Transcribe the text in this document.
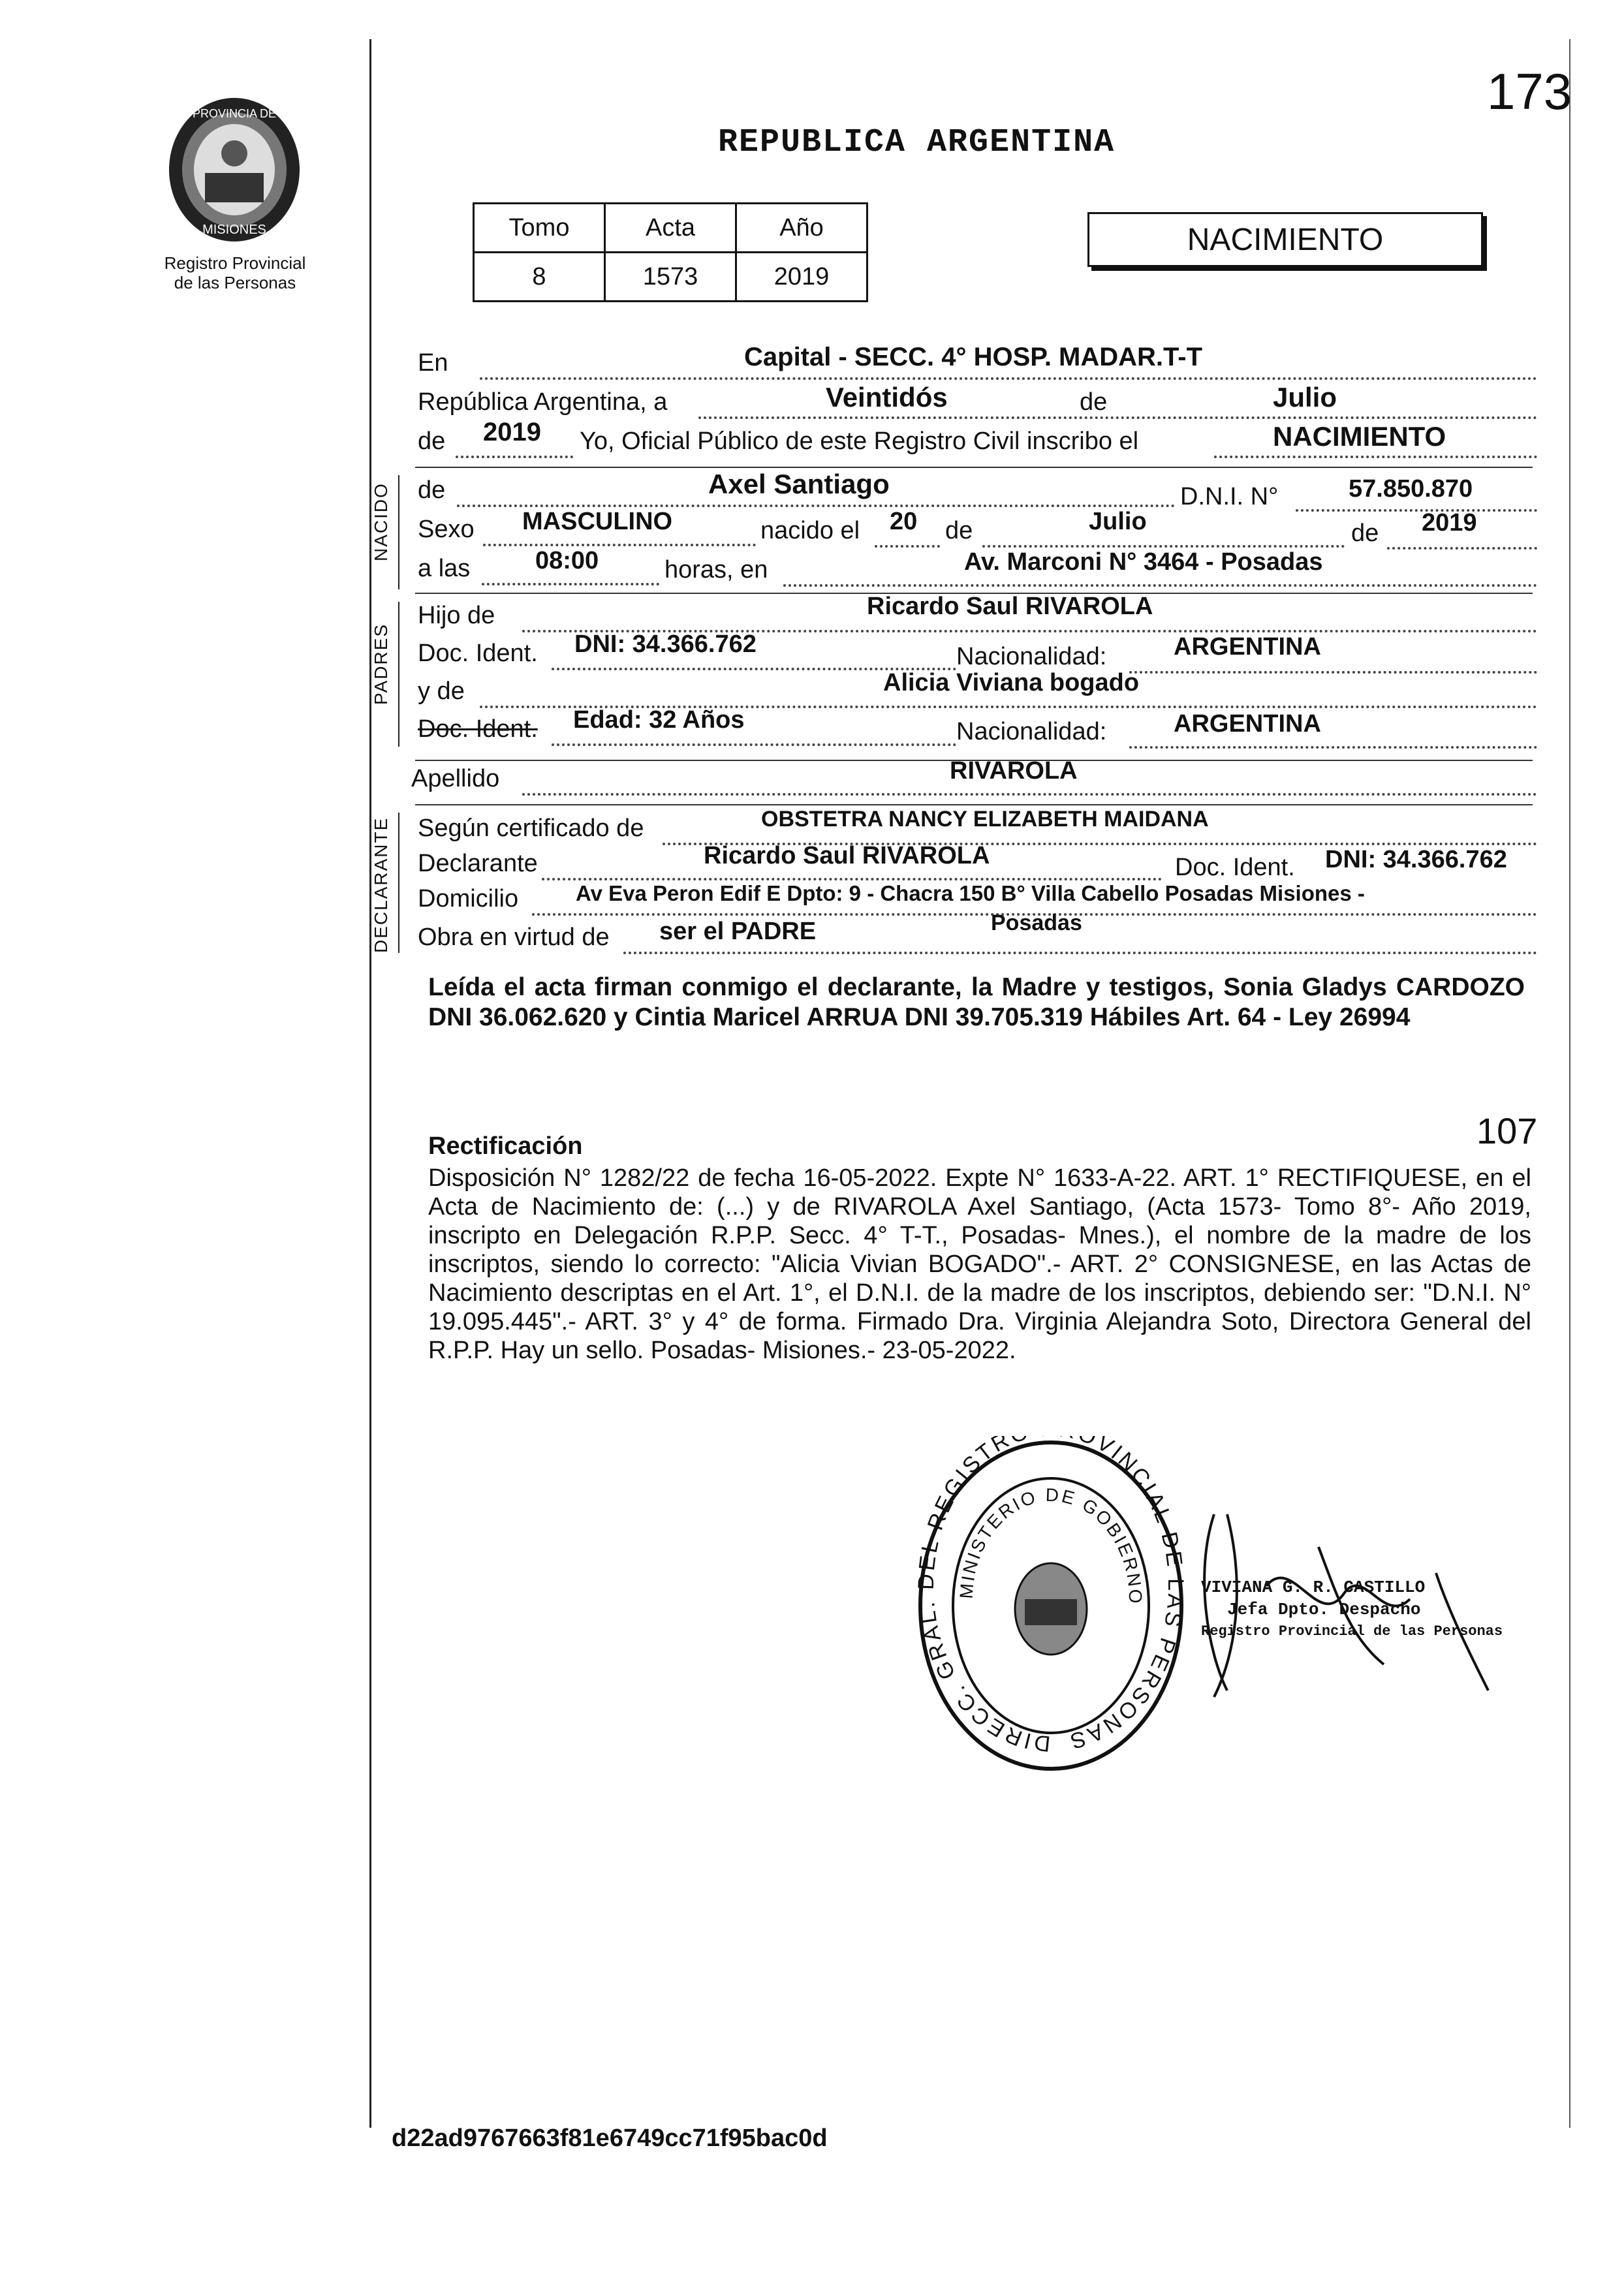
173
PROVINCIA DE
MISIONES
Registro Provincial
de las Personas
REPUBLICA ARGENTINA
Tomo	Acta	Año
8	1573	2019
NACIMIENTO
NACIDO
PADRES
DECLARANTE
En	Capital - SECC. 4° HOSP. MADAR.T-T
República Argentina, a	Veintidós	de	Julio
de 2019 Yo, Oficial Público de este Registro Civil inscribo el	NACIMIENTO
de	Axel Santiago	D.N.I. N°	57.850.870
Sexo MASCULINO	nacido el 20 de	Julio	de 2019
a las	08:00	horas, en	Av. Marconi N° 3464 - Posadas
Hijo de	Ricardo Saul RIVAROLA
Doc. Ident. DNI: 34.366.762	Nacionalidad:	ARGENTINA
y de	Alicia Viviana bogado
Doc. Ident. Edad: 32 Años	Nacionalidad:	ARGENTINA
Apellido	RIVAROLA
Según certificado de	OBSTETRA NANCY ELIZABETH MAIDANA
Declarante	Ricardo Saul RIVAROLA	Doc. Ident. DNI: 34.366.762
Domicilio	Av Eva Peron Edif E Dpto: 9 - Chacra 150 B° Villa Cabello Posadas Misiones -
Obra en virtud de ser el PADRE	Posadas
Leída el acta firman conmigo el declarante, la Madre y testigos, Sonia Gladys CARDOZO DNI 36.062.620 y Cintia Maricel ARRUA DNI 39.705.319 Hábiles Art. 64 - Ley 26994
Rectificación	107
Disposición N° 1282/22 de fecha 16-05-2022. Expte N° 1633-A-22. ART. 1° RECTIFIQUESE, en el Acta de Nacimiento de: (...) y de RIVAROLA Axel Santiago, (Acta 1573- Tomo 8°- Año 2019, inscripto en Delegación R.P.P. Secc. 4° T-T., Posadas- Mnes.), el nombre de la madre de los inscriptos, siendo lo correcto: "Alicia Vivian BOGADO".- ART. 2° CONSIGNESE, en las Actas de Nacimiento descriptas en el Art. 1°, el D.N.I. de la madre de los inscriptos, debiendo ser: "D.N.I. N° 19.095.445".- ART. 3° y 4° de forma. Firmado Dra. Virginia Alejandra Soto, Directora General del R.P.P. Hay un sello. Posadas- Misiones.- 23-05-2022.
DIRECC. GRAL. DEL REGISTR OVINCIAL DE LAS PERSONAS
MINISTERIO DE GOBIERNO
VIVIANA G. R. CASTILLO
Jefa Dpto. Despacho
Registro Provincial de las Personas
d22ad9767663f81e6749cc71f95bac0d
